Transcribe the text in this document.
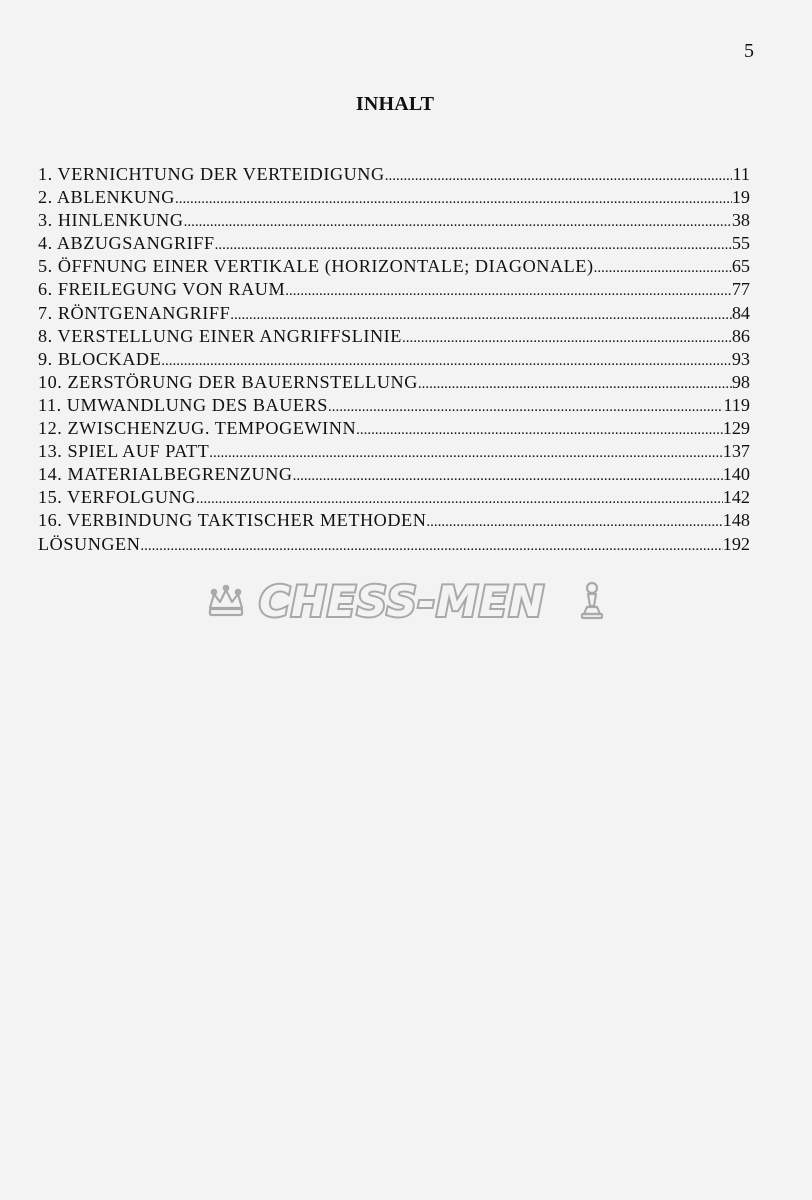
5
INHALT
1. VERNICHTUNG DER VERTEIDIGUNG .....	11
2. ABLENKUNG .....	19
3. HINLENKUNG .....	38
4. ABZUGSANGRIFF .....	55
5. ÖFFNUNG EINER VERTIKALE (HORIZONTALE; DIAGONALE) .....	65
6. FREILEGUNG VON RAUM .....	77
7. RÖNTGENANGRIFF .....	84
8. VERSTELLUNG EINER ANGRIFFSLINIE .....	86
9. BLOCKADE .....	93
10. ZERSTÖRUNG DER BAUERNSTELLUNG .....	98
11. UMWANDLUNG DES BAUERS .....	119
12. ZWISCHENZUG. TEMPOGEWINN .....	129
13. SPIEL AUF PATT .....	137
14. MATERIALBEGRENZUNG .....	140
15. VERFOLGUNG .....	142
16. VERBINDUNG TAKTISCHER METHODEN .....	148
LÖSUNGEN .....	192
CHESS-MEN
